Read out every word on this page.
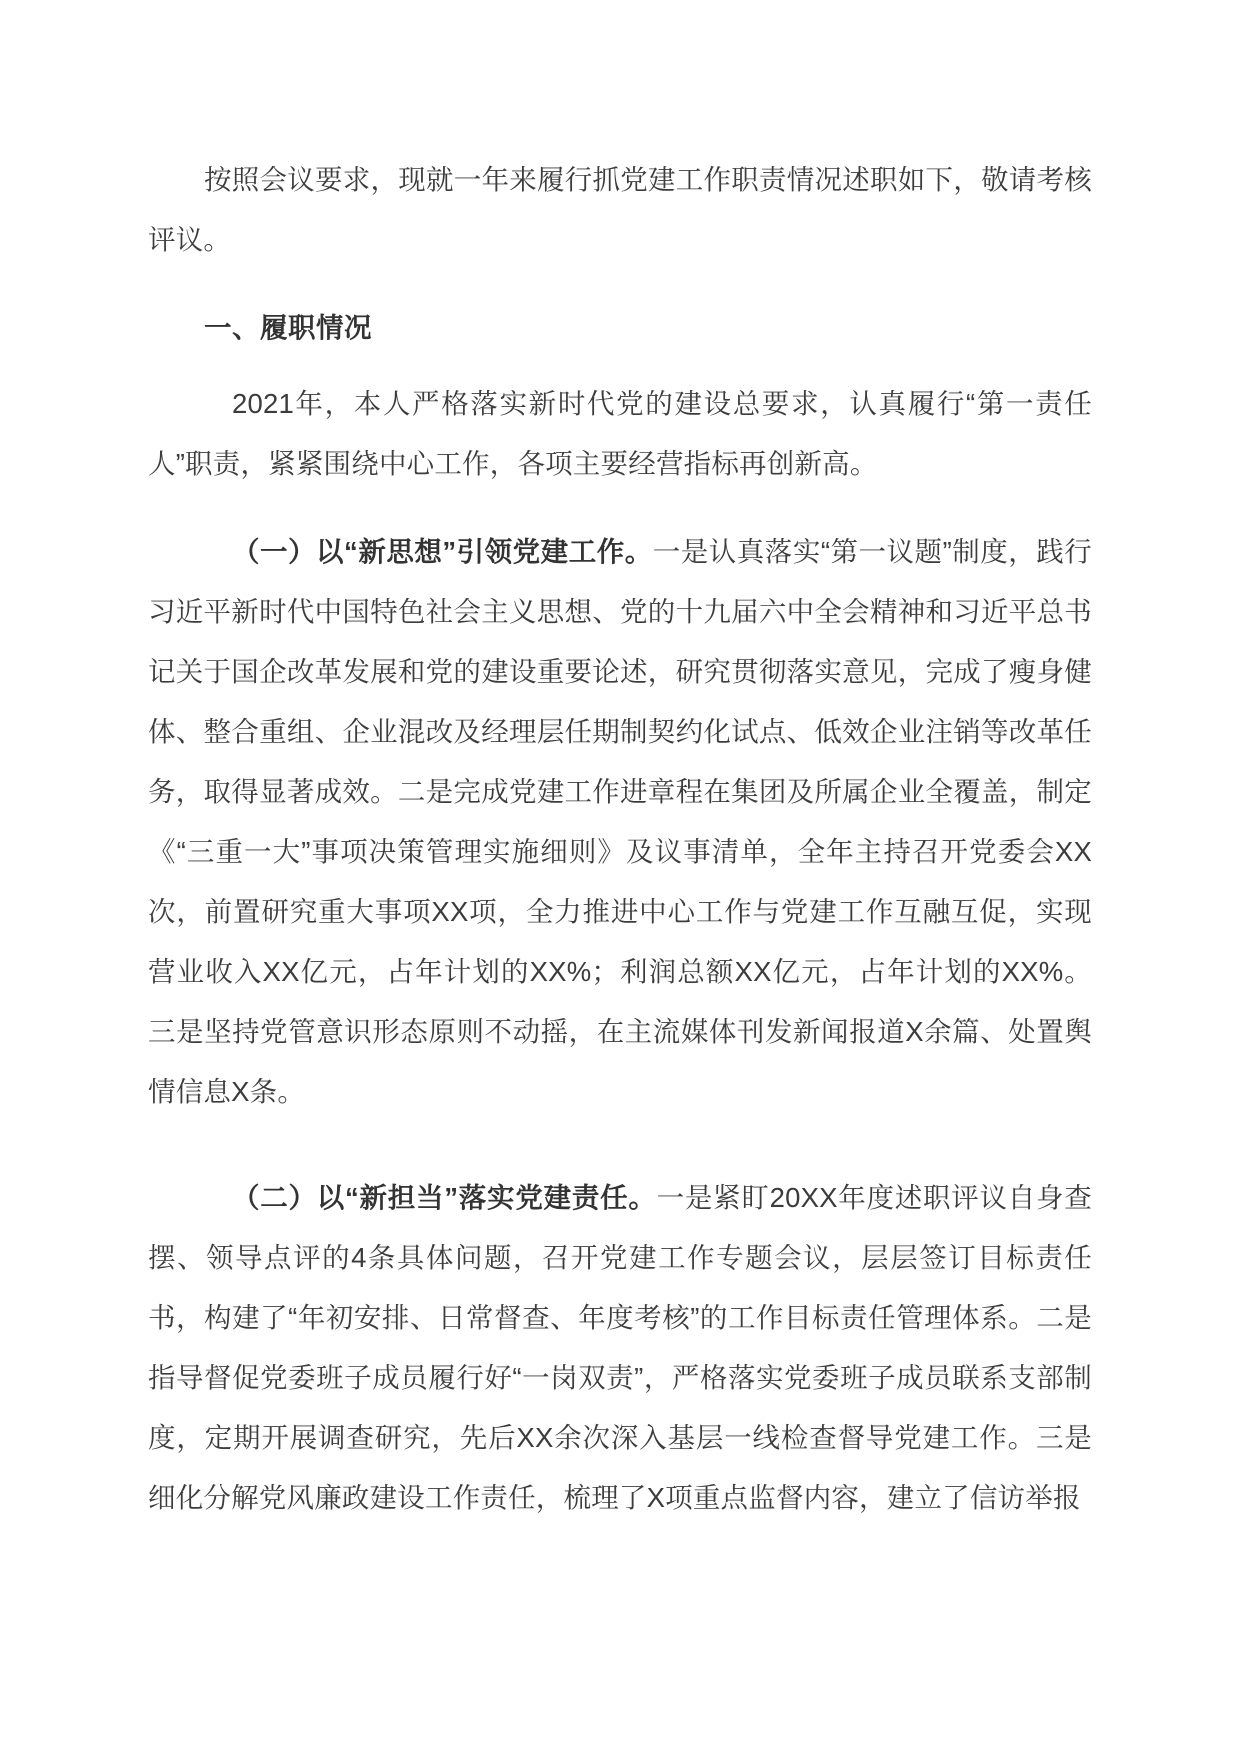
按照会议要求，现就一年来履行抓党建工作职责情况述职如下，敬请考核评议。

一、履职情况

2021年，本人严格落实新时代党的建设总要求，认真履行“第一责任人”职责，紧紧围绕中心工作，各项主要经营指标再创新高。

（一）以“新思想”引领党建工作。一是认真落实“第一议题”制度，践行习近平新时代中国特色社会主义思想、党的十九届六中全会精神和习近平总书记关于国企改革发展和党的建设重要论述，研究贯彻落实意见，完成了瘦身健体、整合重组、企业混改及经理层任期制契约化试点、低效企业注销等改革任务，取得显著成效。二是完成党建工作进章程在集团及所属企业全覆盖，制定《“三重一大”事项决策管理实施细则》及议事清单，全年主持召开党委会XX次，前置研究重大事项XX项，全力推进中心工作与党建工作互融互促，实现营业收入XX亿元，占年计划的XX%；利润总额XX亿元，占年计划的XX%。三是坚持党管意识形态原则不动摇，在主流媒体刊发新闻报道X余篇、处置舆情信息X条。

（二）以“新担当”落实党建责任。一是紧盯20XX年度述职评议自身查摆、领导点评的4条具体问题，召开党建工作专题会议，层层签订目标责任书，构建了“年初安排、日常督查、年度考核”的工作目标责任管理体系。二是指导督促党委班子成员履行好“一岗双责”，严格落实党委班子成员联系支部制度，定期开展调查研究，先后XX余次深入基层一线检查督导党建工作。三是细化分解党风廉政建设工作责任，梳理了X项重点监督内容，建立了信访举报
